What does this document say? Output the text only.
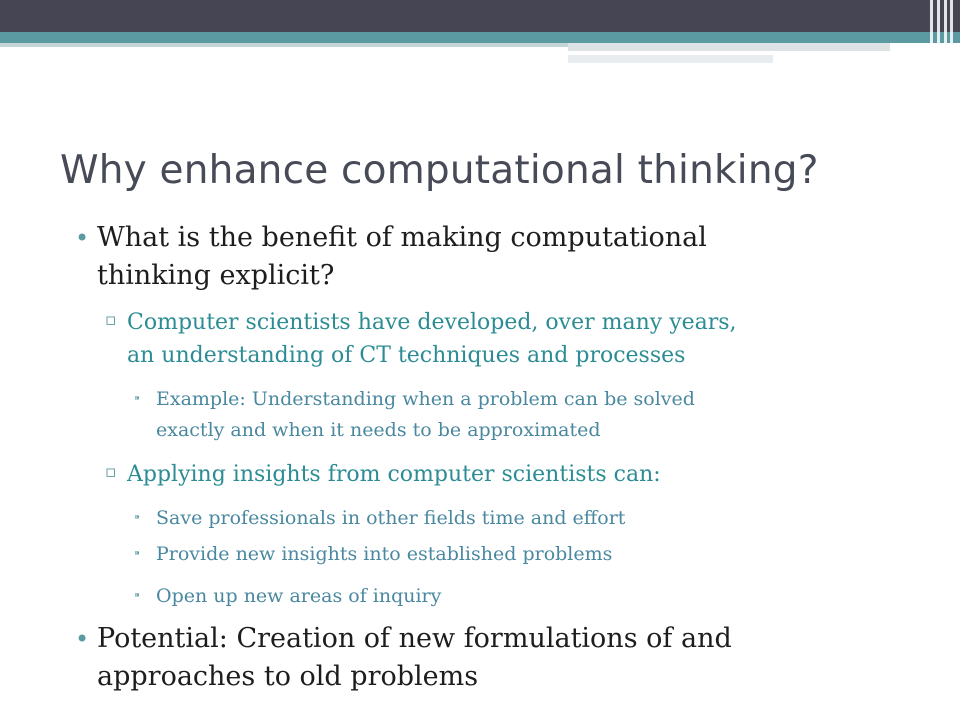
Why enhance computational thinking?
• What is the benefit of making computational
thinking explicit?
▫ Computer scientists have developed, over many years,
an understanding of CT techniques and processes
⁍ Example: Understanding when a problem can be solved
exactly and when it needs to be approximated
▫ Applying insights from computer scientists can:
⁍ Save professionals in other fields time and effort
⁍ Provide new insights into established problems
⁍ Open up new areas of inquiry
• Potential: Creation of new formulations of and
approaches to old problems
